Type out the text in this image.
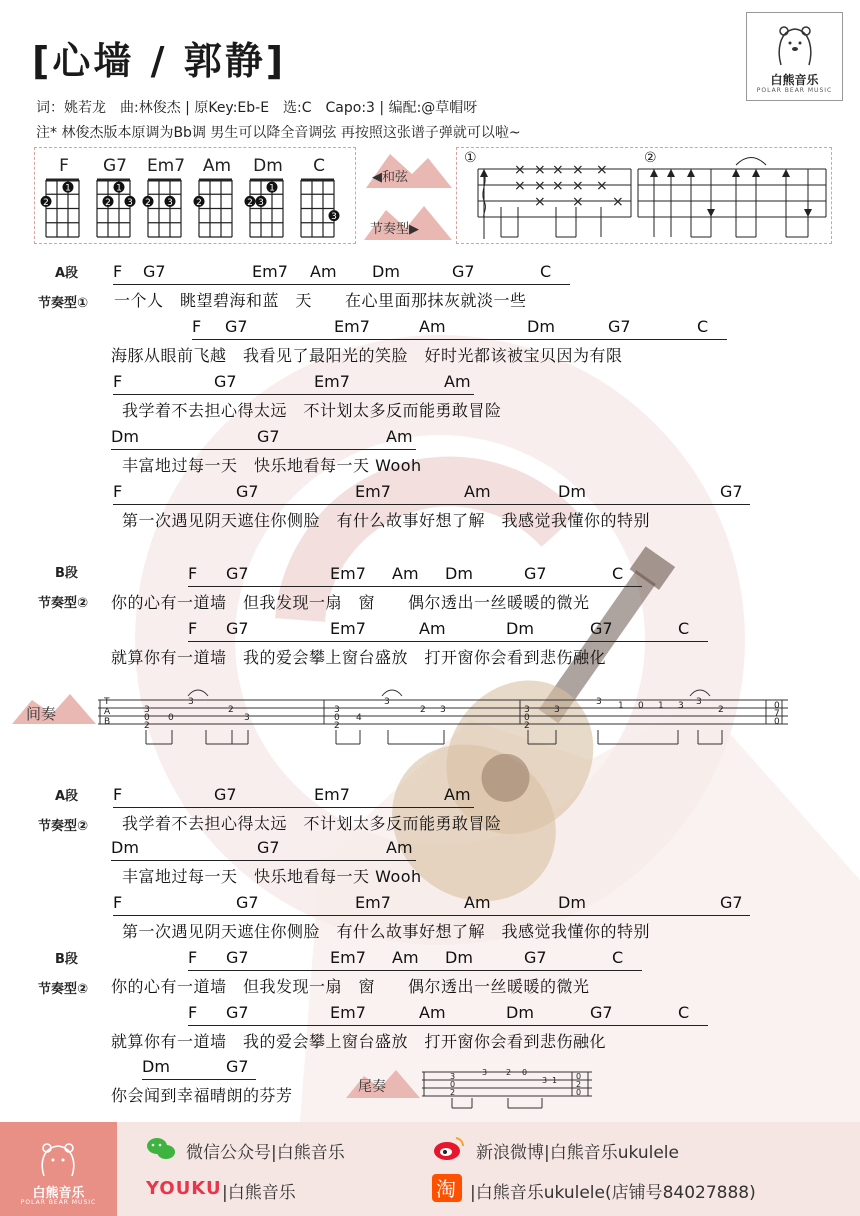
[心墙 / 郭静]	白熊音乐
POLAR BEAR MUSIC
词：姚若龙　曲:林俊杰 | 原Key:Eb-E　选:C　Capo:3 | 编配:@草帽呀
注* 林俊杰版本原调为Bb调 男生可以降全音调弦 再按照这张谱子弹就可以啦~
F	G7	Em7	Am	Dm	C
1
2
1
2 3 2 3	2
1
2 3
3
◀和弦
节奏型▶
①	②
×
×
×
×
×
×
×
×
×
×
×
×
×
A段
节奏型①
B段
节奏型②
A段
节奏型②
B段
节奏型②
F G7	Em7 Am Dm	G7	C
一个人　眺望碧海和蓝　天　　在心里面那抹灰就淡一些
F G7	Em7	Am	Dm	G7	C
海豚从眼前飞越　我看见了最阳光的笑脸　好时光都该被宝贝因为有限
F	G7	Em7	Am
我学着不去担心得太远　不计划太多反而能勇敢冒险
Dm	G7	Am
丰富地过每一天　快乐地看每一天 Wooh
F	G7	Em7	Am	Dm	G7
第一次遇见阴天遮住你侧脸　有什么故事好想了解　我感觉我懂你的特别
F G7	Em7 Am Dm	G7	C
你的心有一道墙　但我发现一扇　窗　　偶尔透出一丝暖暖的微光
F G7	Em7	Am	Dm	G7	C
就算你有一道墙　我的爱会攀上窗台盛放　打开窗你会看到悲伤融化
F	G7	Em7	Am
我学着不去担心得太远　不计划太多反而能勇敢冒险
Dm	G7	Am
丰富地过每一天　快乐地看每一天 Wooh
F	G7	Em7	Am	Dm	G7
第一次遇见阴天遮住你侧脸　有什么故事好想了解　我感觉我懂你的特别
F G7	Em7 Am Dm	G7	C
你的心有一道墙　但我发现一扇　窗　　偶尔透出一丝暖暖的微光
F G7	Em7	Am	Dm	G7	C
就算你有一道墙　我的爱会攀上窗台盛放　打开窗你会看到悲伤融化
Dm	G7
你会闻到幸福晴朗的芬芳
间奏
T
A
B
3
0
2
0
3
2
3
3
0
2
4
3
2 3	3
0
2
3
3 1 0 1 3 3
2	0
7
0
尾奏
3
0
2
3 2 0
3 1 0
2
0
白熊音乐
POLAR BEAR MUSIC
微信公众号|白熊音乐	新浪微博|白熊音乐ukulele
YOUKU |白熊音乐	淘 |白熊音乐ukulele(店铺号84027888)
